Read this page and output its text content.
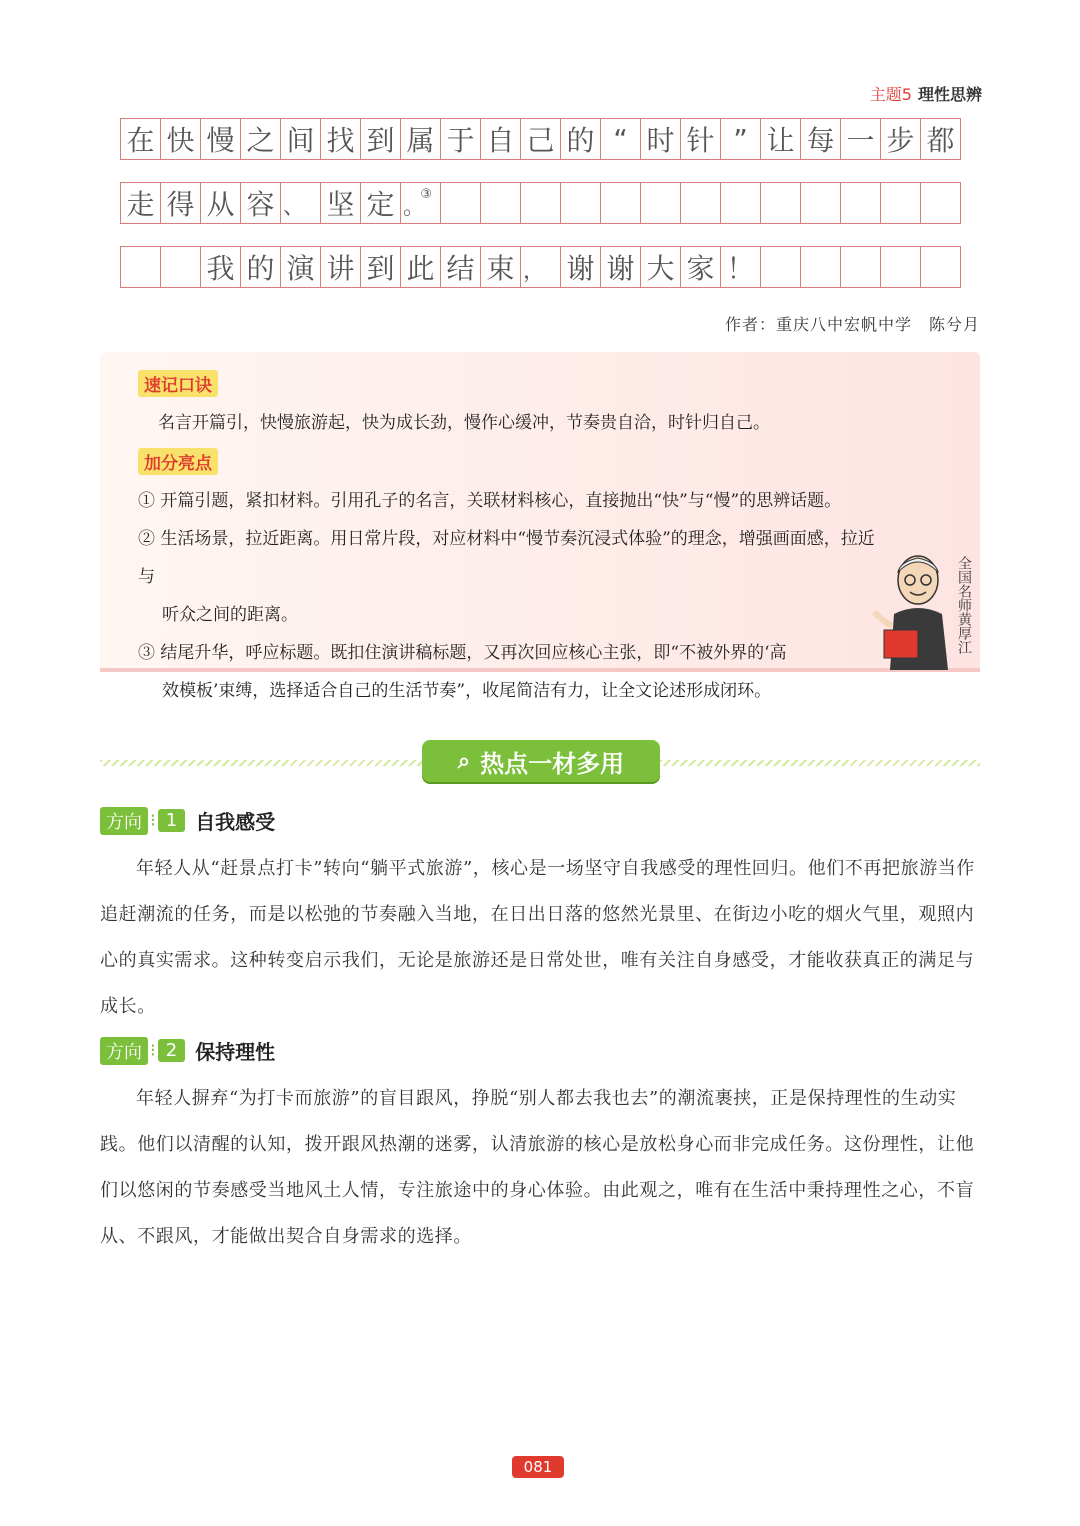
主题5 理性思辨
在 快 慢 之 间 找 到 属 于 自 己 的 “ 时 针 ” 让 每 一 步 都
走 得 从 容 、 坚 定 。
③
我 的 演 讲 到 此 结 束 ， 谢 谢 大 家 ！
作者：重庆八中宏帆中学　陈兮月
速记口诀
名言开篇引，快慢旅游起，快为成长劲，慢作心缓冲，节奏贵自洽，时针归自己。
加分亮点

① 开篇引题，紧扣材料。引用孔子的名言，关联材料核心，直接抛出“快”与“慢”的思辨话题。

② 生活场景，拉近距离。用日常片段，对应材料中“慢节奏沉浸式体验”的理念，增强画面感，拉近与

听众之间的距离。

③ 结尾升华，呼应标题。既扣住演讲稿标题，又再次回应核心主张，即“不被外界的‘高

效模板’束缚，选择适合自己的生活节奏”，收尾简洁有力，让全文论述形成闭环。

全国名师黄厚江
⌕ 热点一材多用
方向 ⁝ 1 自我感受

年轻人从“赶景点打卡”转向“躺平式旅游”，核心是一场坚守自我感受的理性回归。他们不再把旅游当作追赶潮流的任务，而是以松弛的节奏融入当地，在日出日落的悠然光景里、在街边小吃的烟火气里，观照内心的真实需求。这种转变启示我们，无论是旅游还是日常处世，唯有关注自身感受，才能收获真正的满足与成长。

方向 ⁝ 2 保持理性

年轻人摒弃“为打卡而旅游”的盲目跟风，挣脱“别人都去我也去”的潮流裹挟，正是保持理性的生动实践。他们以清醒的认知，拨开跟风热潮的迷雾，认清旅游的核心是放松身心而非完成任务。这份理性，让他们以悠闲的节奏感受当地风土人情，专注旅途中的身心体验。由此观之，唯有在生活中秉持理性之心，不盲从、不跟风，才能做出契合自身需求的选择。

081
